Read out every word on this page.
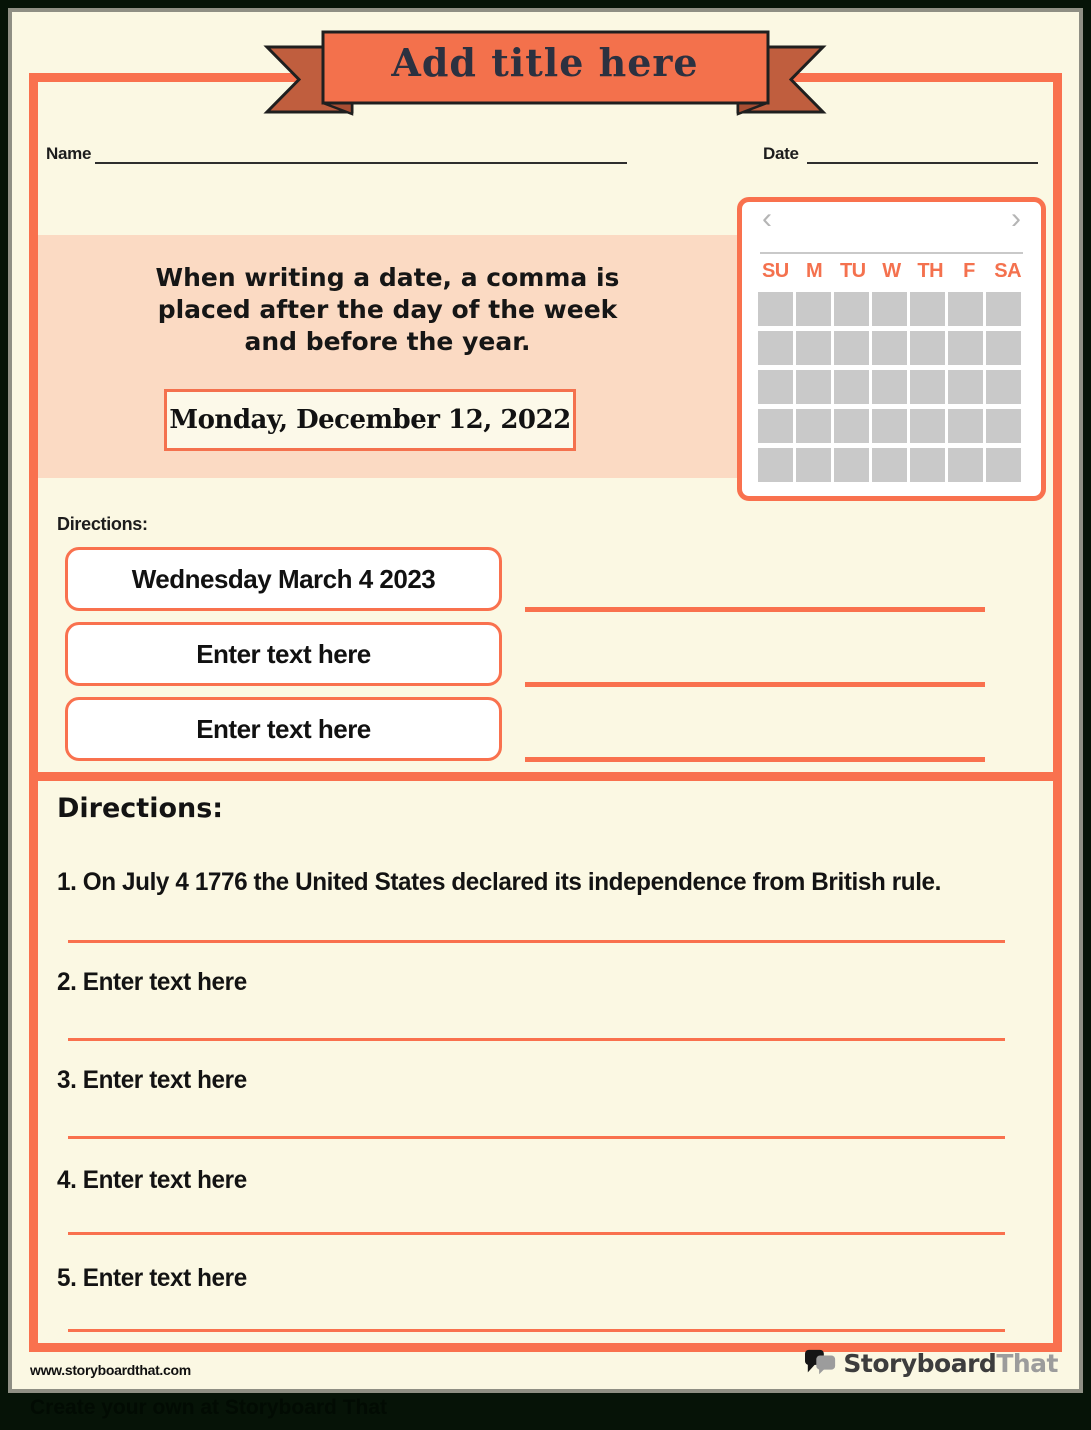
Add title here
Name	Date
When writing a date, a comma is
placed after the day of the week
and before the year.
Monday, December 12, 2022
‹	›
SU M TU W TH	F SA
Directions:
Wednesday March 4 2023
Enter text here
Enter text here
Directions:
1. On July 4 1776 the United States declared its independence from British rule.
2. Enter text here
3. Enter text here
4. Enter text here
5. Enter text here
www.storyboardthat.com	StoryboardThat
Create your own at Storyboard That
